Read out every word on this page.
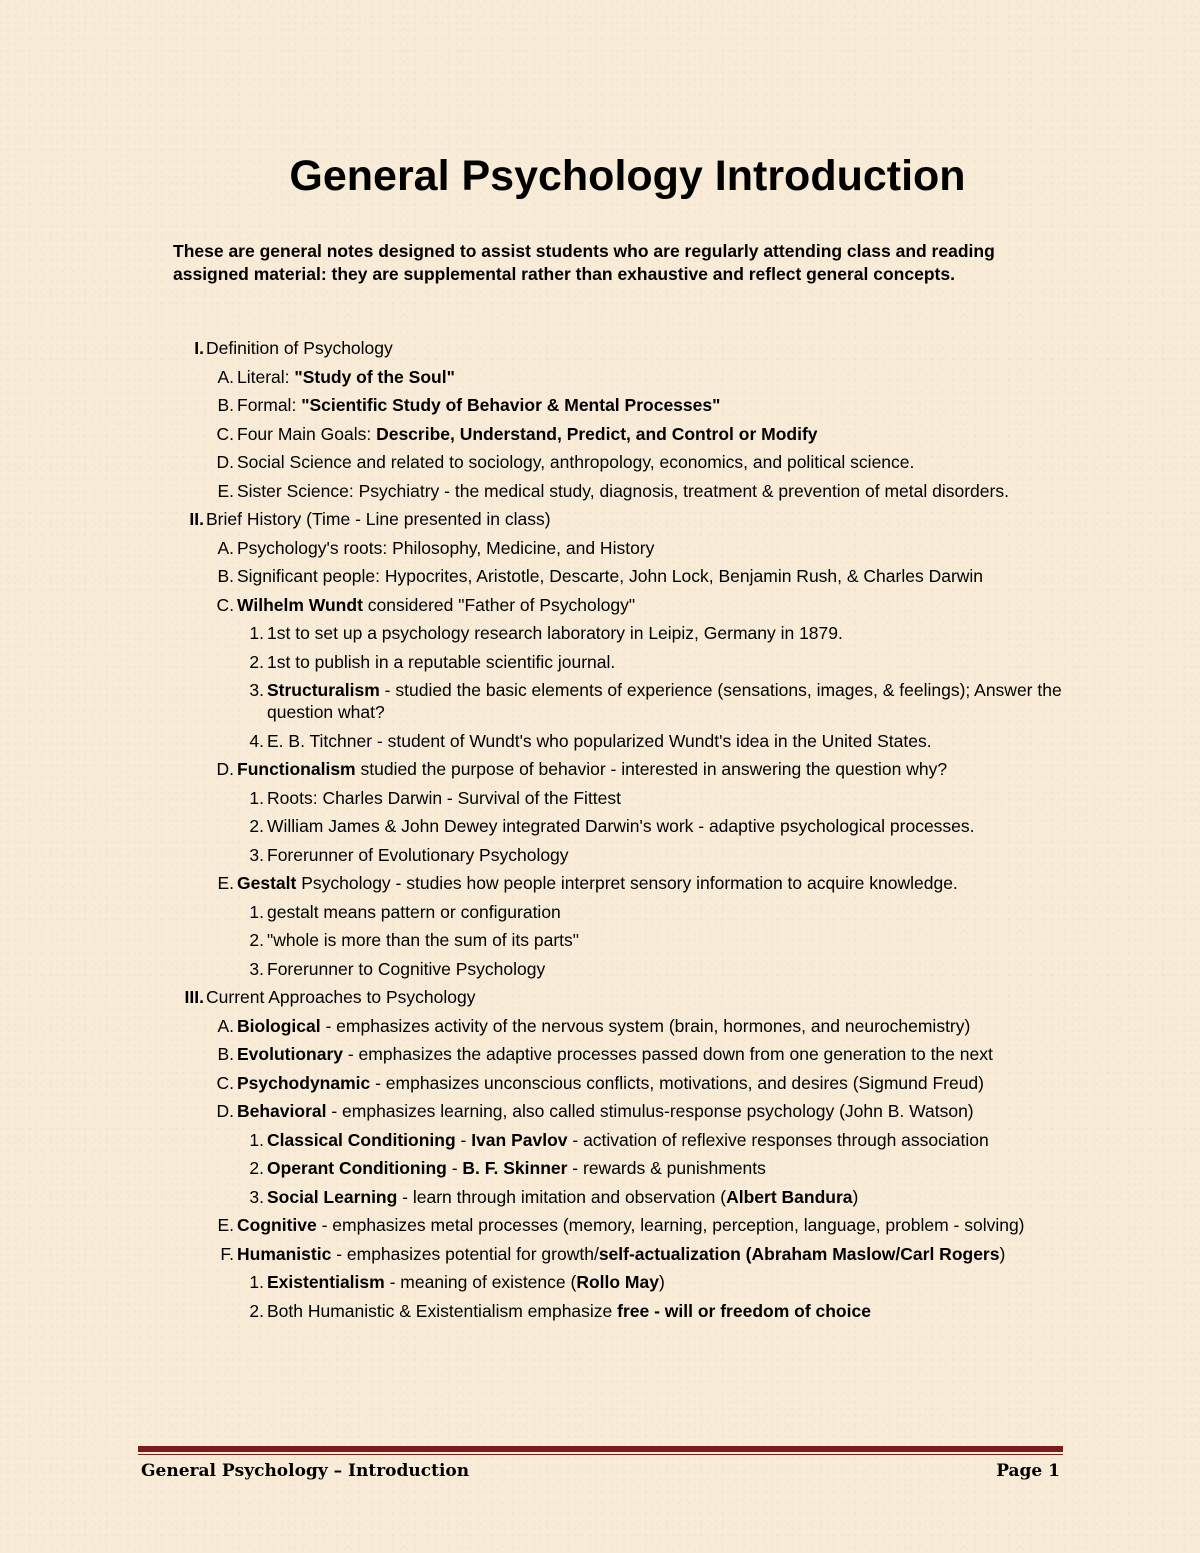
General Psychology Introduction

These are general notes designed to assist students who are regularly attending class and reading assigned material: they are supplemental rather than exhaustive and reflect general concepts.

I. Definition of Psychology
A. Literal: "Study of the Soul"
B. Formal: "Scientific Study of Behavior & Mental Processes"
C. Four Main Goals: Describe, Understand, Predict, and Control or Modify
D. Social Science and related to sociology, anthropology, economics, and political science.
E. Sister Science: Psychiatry - the medical study, diagnosis, treatment & prevention of metal disorders.
II. Brief History (Time - Line presented in class)
A. Psychology's roots: Philosophy, Medicine, and History
B. Significant people: Hypocrites, Aristotle, Descarte, John Lock, Benjamin Rush, & Charles Darwin
C. Wilhelm Wundt considered "Father of Psychology"
1. 1st to set up a psychology research laboratory in Leipiz, Germany in 1879.
2. 1st to publish in a reputable scientific journal.
3. Structuralism - studied the basic elements of experience (sensations, images, & feelings); Answer the question what?
4. E. B. Titchner - student of Wundt's who popularized Wundt's idea in the United States.
D. Functionalism studied the purpose of behavior - interested in answering the question why?
1. Roots: Charles Darwin - Survival of the Fittest
2. William James & John Dewey integrated Darwin's work - adaptive psychological processes.
3. Forerunner of Evolutionary Psychology
E. Gestalt Psychology - studies how people interpret sensory information to acquire knowledge.
1. gestalt means pattern or configuration
2. "whole is more than the sum of its parts"
3. Forerunner to Cognitive Psychology
III. Current Approaches to Psychology
A. Biological - emphasizes activity of the nervous system (brain, hormones, and neurochemistry)
B. Evolutionary - emphasizes the adaptive processes passed down from one generation to the next
C. Psychodynamic - emphasizes unconscious conflicts, motivations, and desires (Sigmund Freud)
D. Behavioral - emphasizes learning, also called stimulus-response psychology (John B. Watson)
1. Classical Conditioning - Ivan Pavlov - activation of reflexive responses through association
2. Operant Conditioning - B. F. Skinner - rewards & punishments
3. Social Learning - learn through imitation and observation (Albert Bandura)
E. Cognitive - emphasizes metal processes (memory, learning, perception, language, problem - solving)
F. Humanistic - emphasizes potential for growth/self-actualization (Abraham Maslow/Carl Rogers)
1. Existentialism - meaning of existence (Rollo May)
2. Both Humanistic & Existentialism emphasize free - will or freedom of choice
General Psychology – Introduction	Page 1
